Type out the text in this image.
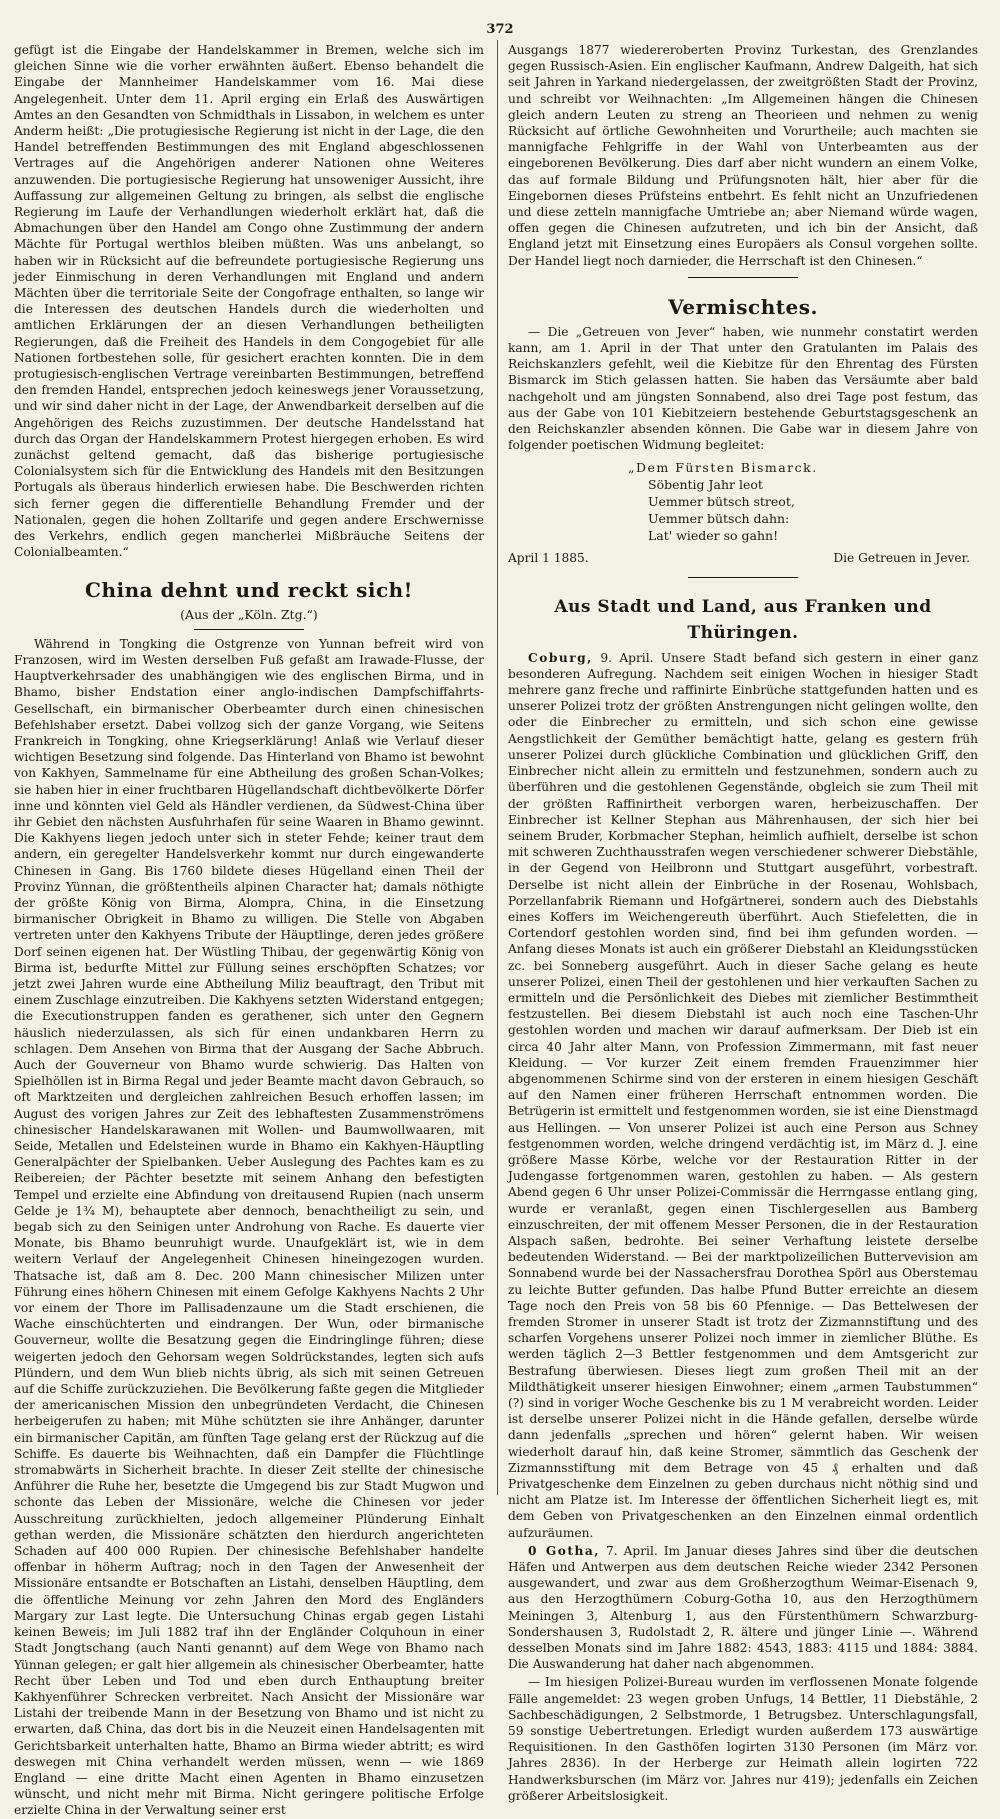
372

gefügt ist die Eingabe der Handelskammer in Bremen, welche sich im gleichen Sinne wie die vorher erwähnten äußert. Ebenso behandelt die Eingabe der Mannheimer Handelskammer vom 16. Mai diese Angelegenheit. Unter dem 11. April erging ein Erlaß des Auswärtigen Amtes an den Gesandten von Schmidthals in Lissabon, in welchem es unter Anderm heißt: „Die protugiesische Regierung ist nicht in der Lage, die den Handel betreffenden Bestimmungen des mit England abgeschlossenen Vertrages auf die Angehörigen anderer Nationen ohne Weiteres anzuwenden. Die portugiesische Regierung hat unsoweniger Aussicht, ihre Auffassung zur allgemeinen Geltung zu bringen, als selbst die englische Regierung im Laufe der Verhandlungen wiederholt erklärt hat, daß die Abmachungen über den Handel am Congo ohne Zustimmung der andern Mächte für Portugal werthlos bleiben müßten. Was uns anbelangt, so haben wir in Rücksicht auf die befreundete portugiesische Regierung uns jeder Einmischung in deren Verhandlungen mit England und andern Mächten über die territoriale Seite der Congofrage enthalten, so lange wir die Interessen des deutschen Handels durch die wiederholten und amtlichen Erklärungen der an diesen Verhandlungen betheiligten Regierungen, daß die Freiheit des Handels in dem Congogebiet für alle Nationen fortbestehen solle, für gesichert erachten konnten. Die in dem protugiesisch-englischen Vertrage vereinbarten Bestimmungen, betreffend den fremden Handel, entsprechen jedoch keineswegs jener Voraussetzung, und wir sind daher nicht in der Lage, der Anwendbarkeit derselben auf die Angehörigen des Reichs zuzustimmen. Der deutsche Handelsstand hat durch das Organ der Handelskammern Protest hiergegen erhoben. Es wird zunächst geltend gemacht, daß das bisherige portugiesische Colonialsystem sich für die Entwicklung des Handels mit den Besitzungen Portugals als überaus hinderlich erwiesen habe. Die Beschwerden richten sich ferner gegen die differentielle Behandlung Fremder und der Nationalen, gegen die hohen Zolltarife und gegen andere Erschwernisse des Verkehrs, endlich gegen mancherlei Mißbräuche Seitens der Colonialbeamten.“

China dehnt und reckt sich!
(Aus der „Köln. Ztg.“)

Während in Tongking die Ostgrenze von Yunnan befreit wird von Franzosen, wird im Westen derselben Fuß gefaßt am Irawade-Flusse, der Hauptverkehrsader des unabhängigen wie des englischen Birma, und in Bhamo, bisher Endstation einer anglo-indischen Dampfschiffahrts-Gesellschaft, ein birmanischer Oberbeamter durch einen chinesischen Befehlshaber ersetzt. Dabei vollzog sich der ganze Vorgang, wie Seitens Frankreich in Tongking, ohne Kriegserklärung! Anlaß wie Verlauf dieser wichtigen Besetzung sind folgende. Das Hinterland von Bhamo ist bewohnt von Kakhyen, Sammelname für eine Abtheilung des großen Schan-Volkes; sie haben hier in einer fruchtbaren Hügellandschaft dichtbevölkerte Dörfer inne und könnten viel Geld als Händler verdienen, da Südwest-China über ihr Gebiet den nächsten Ausfuhrhafen für seine Waaren in Bhamo gewinnt. Die Kakhyens liegen jedoch unter sich in steter Fehde; keiner traut dem andern, ein geregelter Handelsverkehr kommt nur durch eingewanderte Chinesen in Gang. Bis 1760 bildete dieses Hügelland einen Theil der Provinz Yünnan, die größtentheils alpinen Character hat; damals nöthigte der größte König von Birma, Alompra, China, in die Einsetzung birmanischer Obrigkeit in Bhamo zu willigen. Die Stelle von Abgaben vertreten unter den Kakhyens Tribute der Häuptlinge, deren jedes größere Dorf seinen eigenen hat. Der Wüstling Thibau, der gegenwärtig König von Birma ist, bedurfte Mittel zur Füllung seines erschöpften Schatzes; vor jetzt zwei Jahren wurde eine Abtheilung Miliz beauftragt, den Tribut mit einem Zuschlage einzutreiben. Die Kakhyens setzten Widerstand entgegen; die Executionstruppen fanden es gerathener, sich unter den Gegnern häuslich niederzulassen, als sich für einen undankbaren Herrn zu schlagen. Dem Ansehen von Birma that der Ausgang der Sache Abbruch. Auch der Gouverneur von Bhamo wurde schwierig. Das Halten von Spielhöllen ist in Birma Regal und jeder Beamte macht davon Gebrauch, so oft Marktzeiten und dergleichen zahlreichen Besuch erhoffen lassen; im August des vorigen Jahres zur Zeit des lebhaftesten Zusammenströmens chinesischer Handelskarawanen mit Wollen- und Baumwollwaaren, mit Seide, Metallen und Edelsteinen wurde in Bhamo ein Kakhyen-Häuptling Generalpächter der Spielbanken. Ueber Auslegung des Pachtes kam es zu Reibereien; der Pächter besetzte mit seinem Anhang den befestigten Tempel und erzielte eine Abfindung von dreitausend Rupien (nach unserm Gelde je 1¾ M), behauptete aber dennoch, benachtheiligt zu sein, und begab sich zu den Seinigen unter Androhung von Rache. Es dauerte vier Monate, bis Bhamo beunruhigt wurde. Unaufgeklärt ist, wie in dem weitern Verlauf der Angelegenheit Chinesen hineingezogen wurden. Thatsache ist, daß am 8. Dec. 200 Mann chinesischer Milizen unter Führung eines höhern Chinesen mit einem Gefolge Kakhyens Nachts 2 Uhr vor einem der Thore im Pallisadenzaune um die Stadt erschienen, die Wache einschüchterten und eindrangen. Der Wun, oder birmanische Gouverneur, wollte die Besatzung gegen die Eindringlinge führen; diese weigerten jedoch den Gehorsam wegen Soldrückstandes, legten sich aufs Plündern, und dem Wun blieb nichts übrig, als sich mit seinen Getreuen auf die Schiffe zurückzuziehen. Die Bevölkerung faßte gegen die Mitglieder der americanischen Mission den unbegründeten Verdacht, die Chinesen herbeigerufen zu haben; mit Mühe schützten sie ihre Anhänger, darunter ein birmanischer Capitän, am fünften Tage gelang erst der Rückzug auf die Schiffe. Es dauerte bis Weihnachten, daß ein Dampfer die Flüchtlinge stromabwärts in Sicherheit brachte. In dieser Zeit stellte der chinesische Anführer die Ruhe her, besetzte die Umgegend bis zur Stadt Mugwon und schonte das Leben der Missionäre, welche die Chinesen vor jeder Ausschreitung zurückhielten, jedoch allgemeiner Plünderung Einhalt gethan werden, die Missionäre schätzten den hierdurch angerichteten Schaden auf 400 000 Rupien. Der chinesische Befehlshaber handelte offenbar in höherm Auftrag; noch in den Tagen der Anwesenheit der Missionäre entsandte er Botschaften an Listahi, denselben Häuptling, dem die öffentliche Meinung vor zehn Jahren den Mord des Engländers Margary zur Last legte. Die Untersuchung Chinas ergab gegen Listahi keinen Beweis; im Juli 1882 traf ihn der Engländer Colquhoun in einer Stadt Jongtschang (auch Nanti genannt) auf dem Wege von Bhamo nach Yünnan gelegen; er galt hier allgemein als chinesischer Oberbeamter, hatte Recht über Leben und Tod und eben durch Enthauptung breiter Kakhyenführer Schrecken verbreitet. Nach Ansicht der Missionäre war Listahi der treibende Mann in der Besetzung von Bhamo und ist nicht zu erwarten, daß China, das dort bis in die Neuzeit einen Handelsagenten mit Gerichtsbarkeit unterhalten hatte, Bhamo an Birma wieder abtritt; es wird deswegen mit China verhandelt werden müssen, wenn — wie 1869 England — eine dritte Macht einen Agenten in Bhamo einzusetzen wünscht, und nicht mehr mit Birma. Nicht geringere politische Erfolge erzielte China in der Verwaltung seiner erst

Ausgangs 1877 wiedereroberten Provinz Turkestan, des Grenzlandes gegen Russisch-Asien. Ein englischer Kaufmann, Andrew Dalgeith, hat sich seit Jahren in Yarkand niedergelassen, der zweitgrößten Stadt der Provinz, und schreibt vor Weihnachten: „Im Allgemeinen hängen die Chinesen gleich andern Leuten zu streng an Theorieen und nehmen zu wenig Rücksicht auf örtliche Gewohnheiten und Vorurtheile; auch machten sie mannigfache Fehlgriffe in der Wahl von Unterbeamten aus der eingeborenen Bevölkerung. Dies darf aber nicht wundern an einem Volke, das auf formale Bildung und Prüfungsnoten hält, hier aber für die Eingebornen dieses Prüfsteins entbehrt. Es fehlt nicht an Unzufriedenen und diese zetteln mannigfache Umtriebe an; aber Niemand würde wagen, offen gegen die Chinesen aufzutreten, und ich bin der Ansicht, daß England jetzt mit Einsetzung eines Europäers als Consul vorgehen sollte. Der Handel liegt noch darnieder, die Herrschaft ist den Chinesen.“

Vermischtes.

— Die „Getreuen von Jever“ haben, wie nunmehr constatirt werden kann, am 1. April in der That unter den Gratulanten im Palais des Reichskanzlers gefehlt, weil die Kiebitze für den Ehrentag des Fürsten Bismarck im Stich gelassen hatten. Sie haben das Versäumte aber bald nachgeholt und am jüngsten Sonnabend, also drei Tage post festum, das aus der Gabe von 101 Kiebitzeiern bestehende Geburtstagsgeschenk an den Reichskanzler absenden können. Die Gabe war in diesem Jahre von folgender poetischen Widmung begleitet:

„Dem Fürsten Bismarck.
Söbentig Jahr leot
Uemmer bütsch streot,
Uemmer bütsch dahn:
Lat' wieder so gahn!
April 1 1885.	Die Getreuen in Jever.
Aus Stadt und Land, aus Franken und Thüringen.

Coburg, 9. April. Unsere Stadt befand sich gestern in einer ganz besonderen Aufregung. Nachdem seit einigen Wochen in hiesiger Stadt mehrere ganz freche und raffinirte Einbrüche stattgefunden hatten und es unserer Polizei trotz der größten Anstrengungen nicht gelingen wollte, den oder die Einbrecher zu ermitteln, und sich schon eine gewisse Aengstlichkeit der Gemüther bemächtigt hatte, gelang es gestern früh unserer Polizei durch glückliche Combination und glücklichen Griff, den Einbrecher nicht allein zu ermitteln und festzunehmen, sondern auch zu überführen und die gestohlenen Gegenstände, obgleich sie zum Theil mit der größten Raffinirtheit verborgen waren, herbeizuschaffen. Der Einbrecher ist Kellner Stephan aus Mährenhausen, der sich hier bei seinem Bruder, Korbmacher Stephan, heimlich aufhielt, derselbe ist schon mit schweren Zuchthausstrafen wegen verschiedener schwerer Diebstähle, in der Gegend von Heilbronn und Stuttgart ausgeführt, vorbestraft. Derselbe ist nicht allein der Einbrüche in der Rosenau, Wohlsbach, Porzellanfabrik Riemann und Hofgärtnerei, sondern auch des Diebstahls eines Koffers im Weichengereuth überführt. Auch Stiefeletten, die in Cortendorf gestohlen worden sind, find bei ihm gefunden worden. — Anfang dieses Monats ist auch ein größerer Diebstahl an Kleidungsstücken zc. bei Sonneberg ausgeführt. Auch in dieser Sache gelang es heute unserer Polizei, einen Theil der gestohlenen und hier verkauften Sachen zu ermitteln und die Persönlichkeit des Diebes mit ziemlicher Bestimmtheit festzustellen. Bei diesem Diebstahl ist auch noch eine Taschen-Uhr gestohlen worden und machen wir darauf aufmerksam. Der Dieb ist ein circa 40 Jahr alter Mann, von Profession Zimmermann, mit fast neuer Kleidung. — Vor kurzer Zeit einem fremden Frauenzimmer hier abgenommenen Schirme sind von der ersteren in einem hiesigen Geschäft auf den Namen einer früheren Herrschaft entnommen worden. Die Betrügerin ist ermittelt und festgenommen worden, sie ist eine Dienstmagd aus Hellingen. — Von unserer Polizei ist auch eine Person aus Schney festgenommen worden, welche dringend verdächtig ist, im März d. J. eine größere Masse Körbe, welche vor der Restauration Ritter in der Judengasse fortgenommen waren, gestohlen zu haben. — Als gestern Abend gegen 6 Uhr unser Polizei-Commissär die Herrngasse entlang ging, wurde er veranlaßt, gegen einen Tischlergesellen aus Bamberg einzuschreiten, der mit offenem Messer Personen, die in der Restauration Alspach saßen, bedrohte. Bei seiner Verhaftung leistete derselbe bedeutenden Widerstand. — Bei der marktpolizeilichen Buttervevision am Sonnabend wurde bei der Nassachersfrau Dorothea Spörl aus Oberstemau zu leichte Butter gefunden. Das halbe Pfund Butter erreichte an diesem Tage noch den Preis von 58 bis 60 Pfennige. — Das Bettelwesen der fremden Stromer in unserer Stadt ist trotz der Zizmannstiftung und des scharfen Vorgehens unserer Polizei noch immer in ziemlicher Blüthe. Es werden täglich 2—3 Bettler festgenommen und dem Amtsgericht zur Bestrafung überwiesen. Dieses liegt zum großen Theil mit an der Mildthätigkeit unserer hiesigen Einwohner; einem „armen Taubstummen“ (?) sind in voriger Woche Geschenke bis zu 1 M verabreicht worden. Leider ist derselbe unserer Polizei nicht in die Hände gefallen, derselbe würde dann jedenfalls „sprechen und hören“ gelernt haben. Wir weisen wiederholt darauf hin, daß keine Stromer, sämmtlich das Geschenk der Zizmannsstiftung mit dem Betrage von 45 ₰ erhalten und daß Privatgeschenke dem Einzelnen zu geben durchaus nicht nöthig sind und nicht am Platze ist. Im Interesse der öffentlichen Sicherheit liegt es, mit dem Geben von Privatgeschenken an den Einzelnen einmal ordentlich aufzuräumen.

0 Gotha, 7. April. Im Januar dieses Jahres sind über die deutschen Häfen und Antwerpen aus dem deutschen Reiche wieder 2342 Personen ausgewandert, und zwar aus dem Großherzogthum Weimar-Eisenach 9, aus den Herzogthümern Coburg-Gotha 10, aus den Herzogthümern Meiningen 3, Altenburg 1, aus den Fürstenthümern Schwarzburg-Sondershausen 3, Rudolstadt 2, R. ältere und jünger Linie —. Während desselben Monats sind im Jahre 1882: 4543, 1883: 4115 und 1884: 3884. Die Auswanderung hat daher nach abgenommen.

— Im hiesigen Polizei-Bureau wurden im verflossenen Monate folgende Fälle angemeldet: 23 wegen groben Unfugs, 14 Bettler, 11 Diebstähle, 2 Sachbeschädigungen, 2 Selbstmorde, 1 Betrugsbez. Unterschlagungsfall, 59 sonstige Uebertretungen. Erledigt wurden außerdem 173 auswärtige Requisitionen. In den Gasthöfen logirten 3130 Personen (im März vor. Jahres 2836). In der Herberge zur Heimath allein logirten 722 Handwerksburschen (im März vor. Jahres nur 419); jedenfalls ein Zeichen größerer Arbeitslosigkeit.
